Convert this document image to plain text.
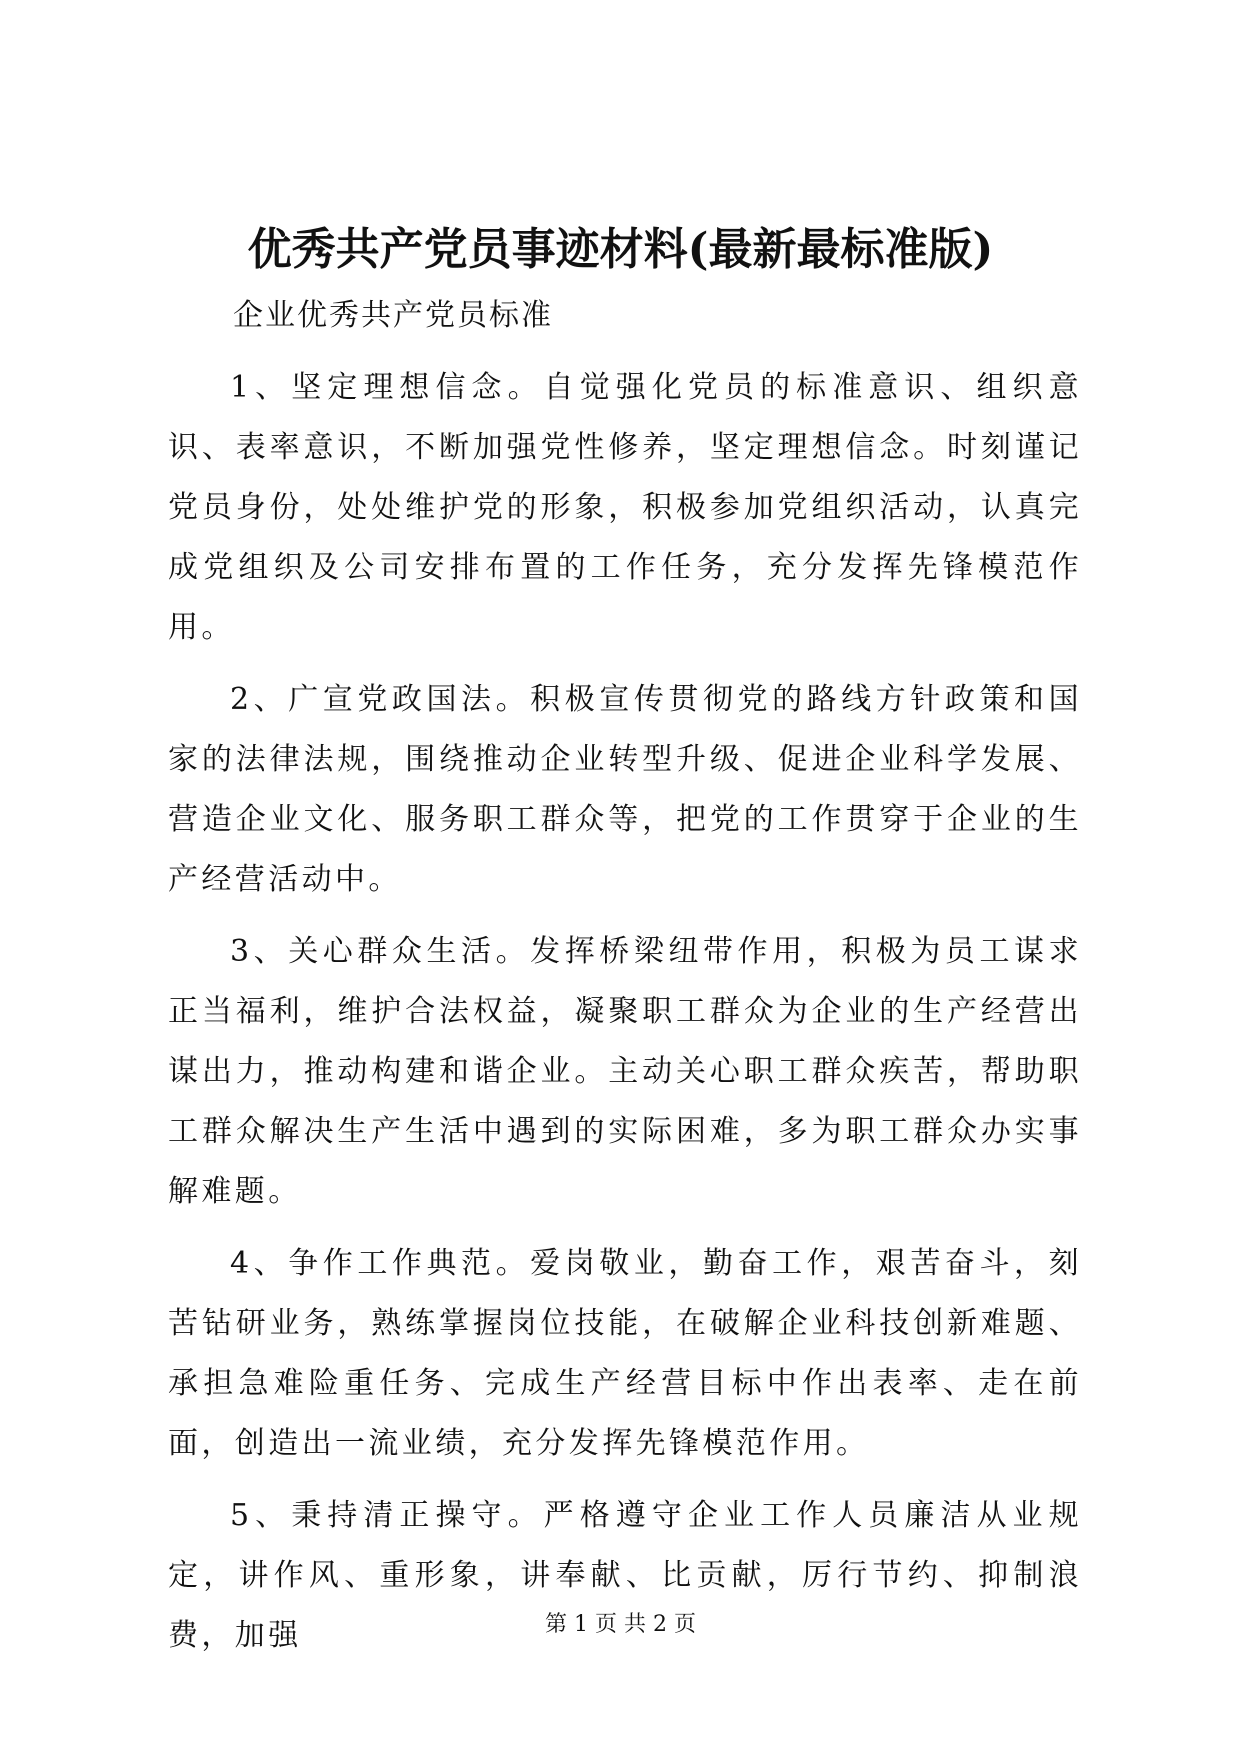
优秀共产党员事迹材料(最新最标准版)
企业优秀共产党员标准

1、坚定理想信念。自觉强化党员的标准意识、组织意识、表率意识，不断加强党性修养，坚定理想信念。时刻谨记党员身份，处处维护党的形象，积极参加党组织活动，认真完成党组织及公司安排布置的工作任务，充分发挥先锋模范作用。

2、广宣党政国法。积极宣传贯彻党的路线方针政策和国家的法律法规，围绕推动企业转型升级、促进企业科学发展、营造企业文化、服务职工群众等，把党的工作贯穿于企业的生产经营活动中。

3、关心群众生活。发挥桥梁纽带作用，积极为员工谋求正当福利，维护合法权益，凝聚职工群众为企业的生产经营出谋出力，推动构建和谐企业。主动关心职工群众疾苦，帮助职工群众解决生产生活中遇到的实际困难，多为职工群众办实事解难题。

4、争作工作典范。爱岗敬业，勤奋工作，艰苦奋斗，刻苦钻研业务，熟练掌握岗位技能，在破解企业科技创新难题、承担急难险重任务、完成生产经营目标中作出表率、走在前面，创造出一流业绩，充分发挥先锋模范作用。

5、秉持清正操守。严格遵守企业工作人员廉洁从业规定，讲作风、重形象，讲奉献、比贡献，厉行节约、抑制浪费，加强	第 1 页 共 2 页
